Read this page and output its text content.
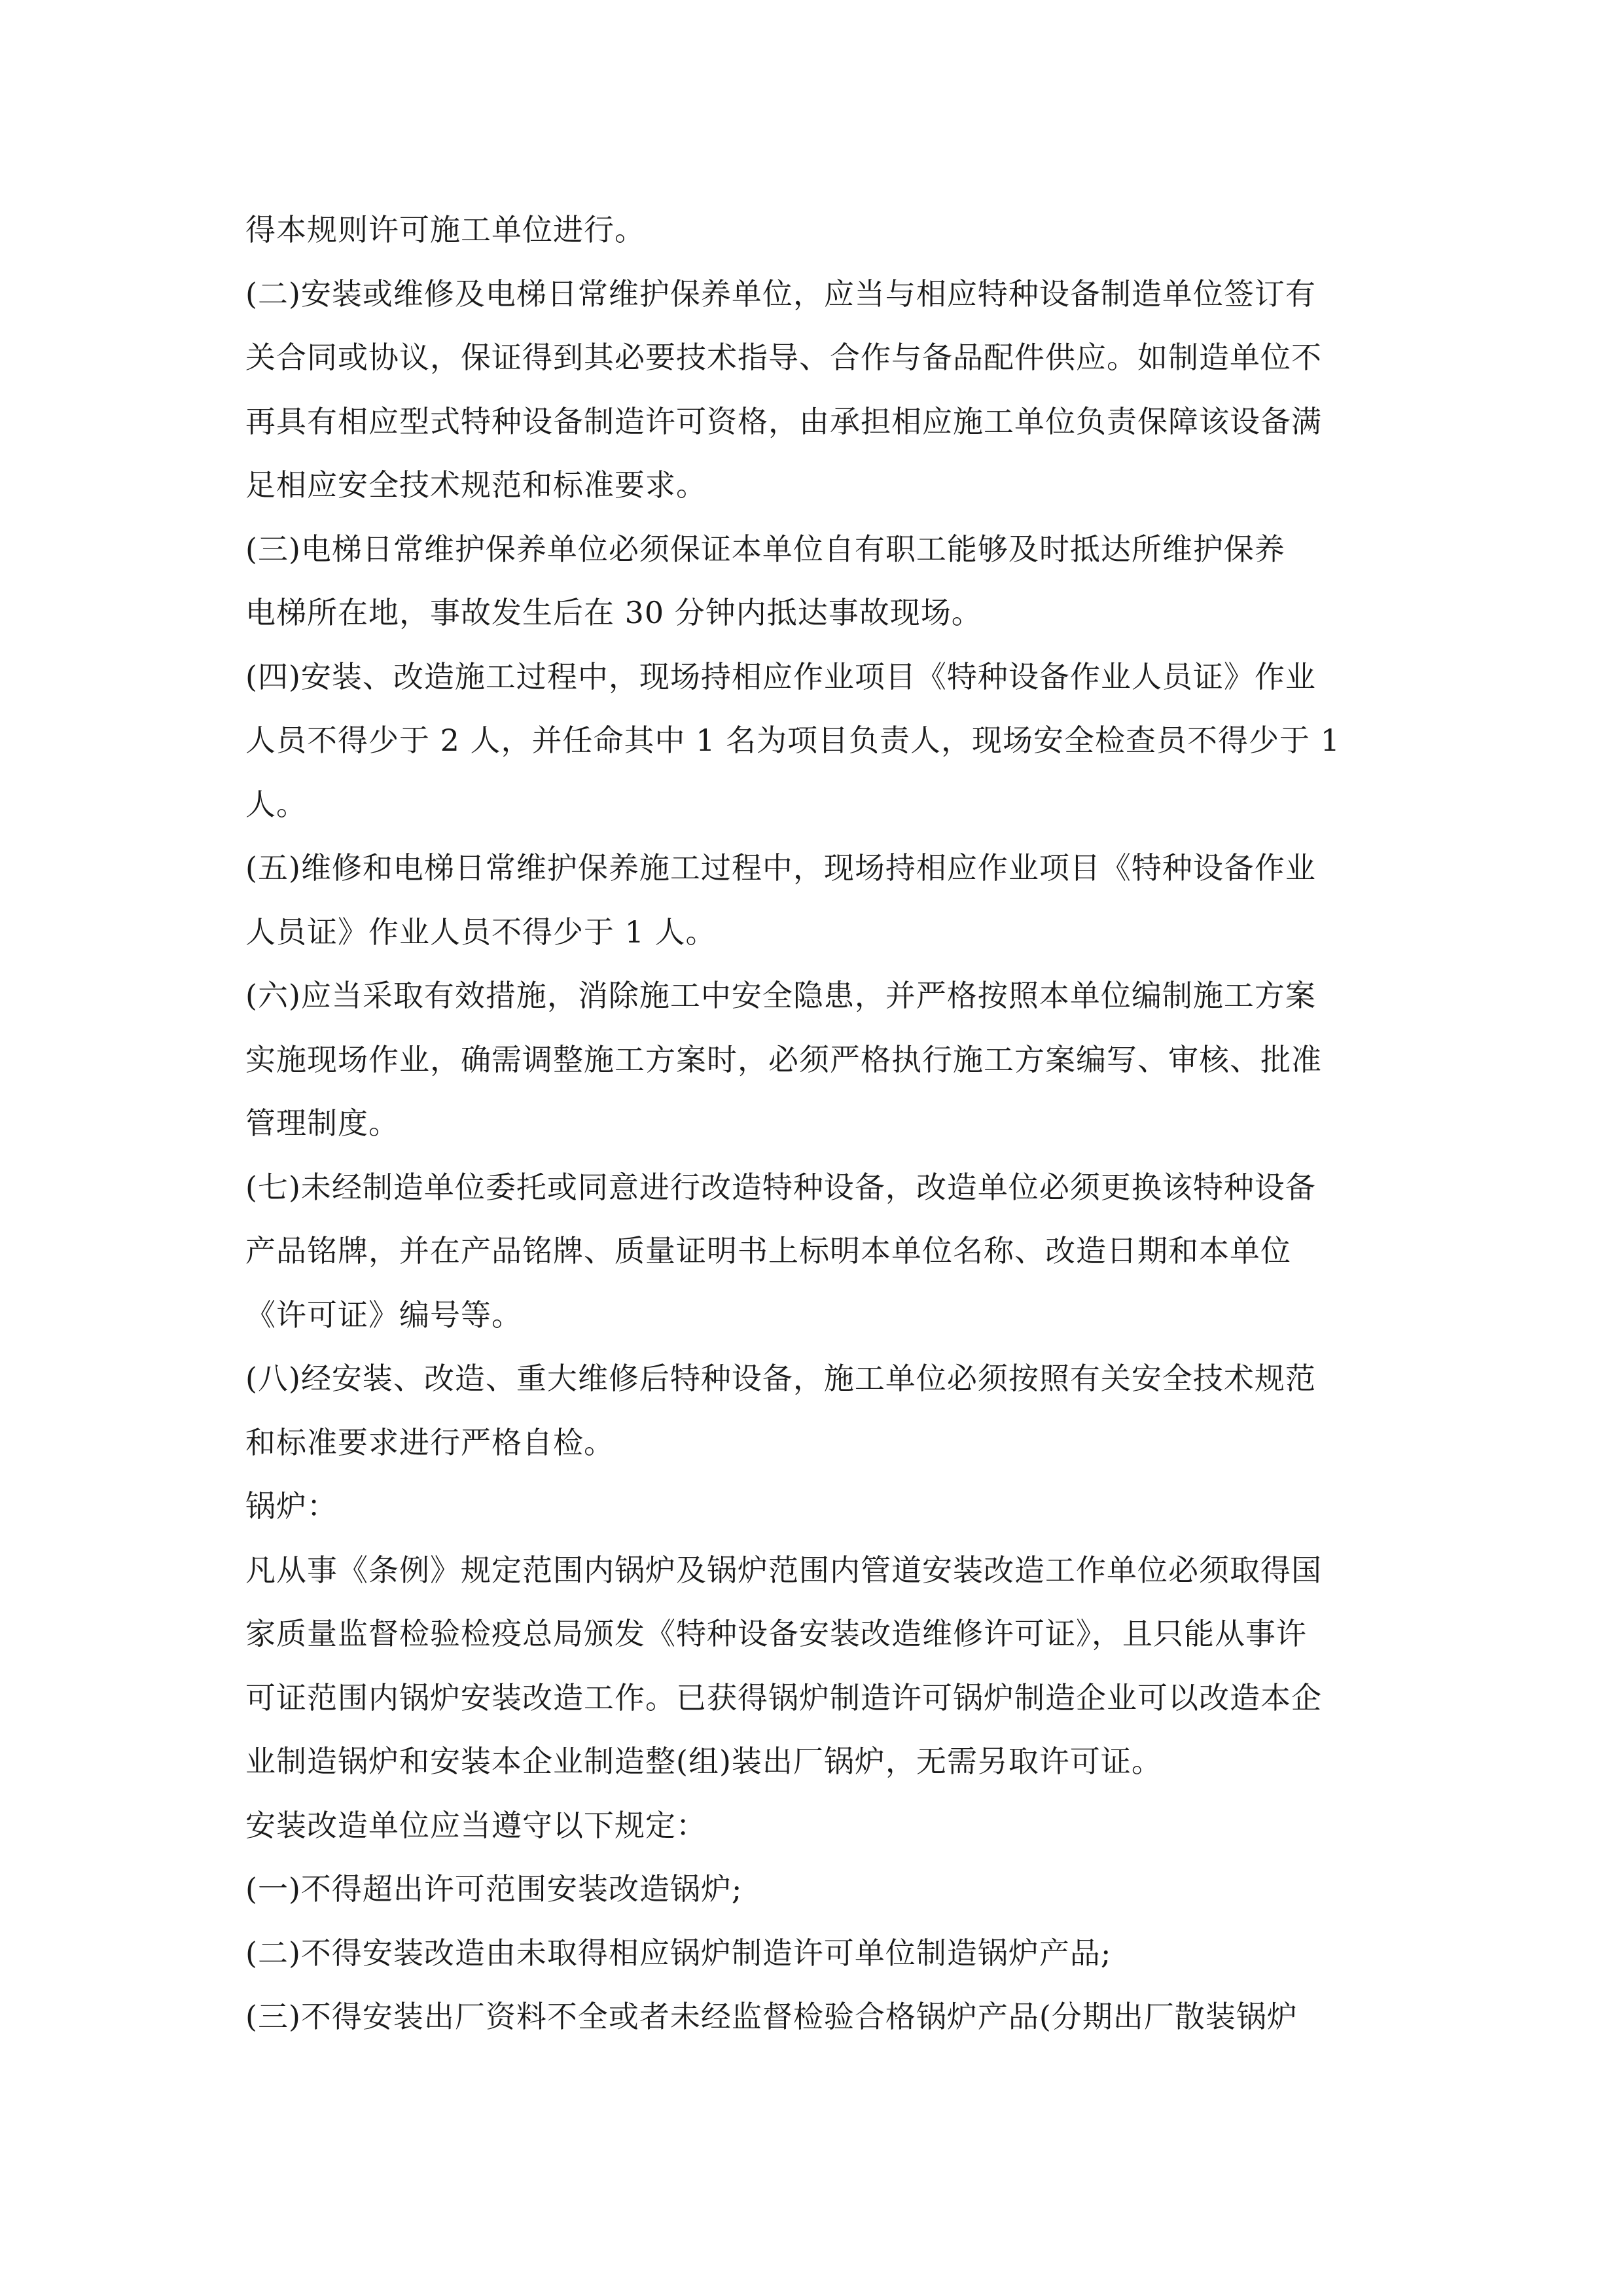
得本规则许可施工单位进行。
(二)安装或维修及电梯日常维护保养单位，应当与相应特种设备制造单位签订有
关合同或协议，保证得到其必要技术指导、合作与备品配件供应。如制造单位不
再具有相应型式特种设备制造许可资格，由承担相应施工单位负责保障该设备满
足相应安全技术规范和标准要求。
(三)电梯日常维护保养单位必须保证本单位自有职工能够及时抵达所维护保养
电梯所在地，事故发生后在 30 分钟内抵达事故现场。
(四)安装、改造施工过程中，现场持相应作业项目《特种设备作业人员证》作业
人员不得少于 2 人，并任命其中 1 名为项目负责人，现场安全检查员不得少于 1
人。
(五)维修和电梯日常维护保养施工过程中，现场持相应作业项目《特种设备作业
人员证》作业人员不得少于 1 人。
(六)应当采取有效措施，消除施工中安全隐患，并严格按照本单位编制施工方案
实施现场作业，确需调整施工方案时，必须严格执行施工方案编写、审核、批准
管理制度。
(七)未经制造单位委托或同意进行改造特种设备，改造单位必须更换该特种设备
产品铭牌，并在产品铭牌、质量证明书上标明本单位名称、改造日期和本单位
《许可证》编号等。
(八)经安装、改造、重大维修后特种设备，施工单位必须按照有关安全技术规范
和标准要求进行严格自检。
锅炉：
凡从事《条例》规定范围内锅炉及锅炉范围内管道安装改造工作单位必须取得国
家质量监督检验检疫总局颁发《特种设备安装改造维修许可证》，且只能从事许
可证范围内锅炉安装改造工作。已获得锅炉制造许可锅炉制造企业可以改造本企
业制造锅炉和安装本企业制造整(组)装出厂锅炉，无需另取许可证。
安装改造单位应当遵守以下规定：
(一)不得超出许可范围安装改造锅炉;
(二)不得安装改造由未取得相应锅炉制造许可单位制造锅炉产品;
(三)不得安装出厂资料不全或者未经监督检验合格锅炉产品(分期出厂散装锅炉
